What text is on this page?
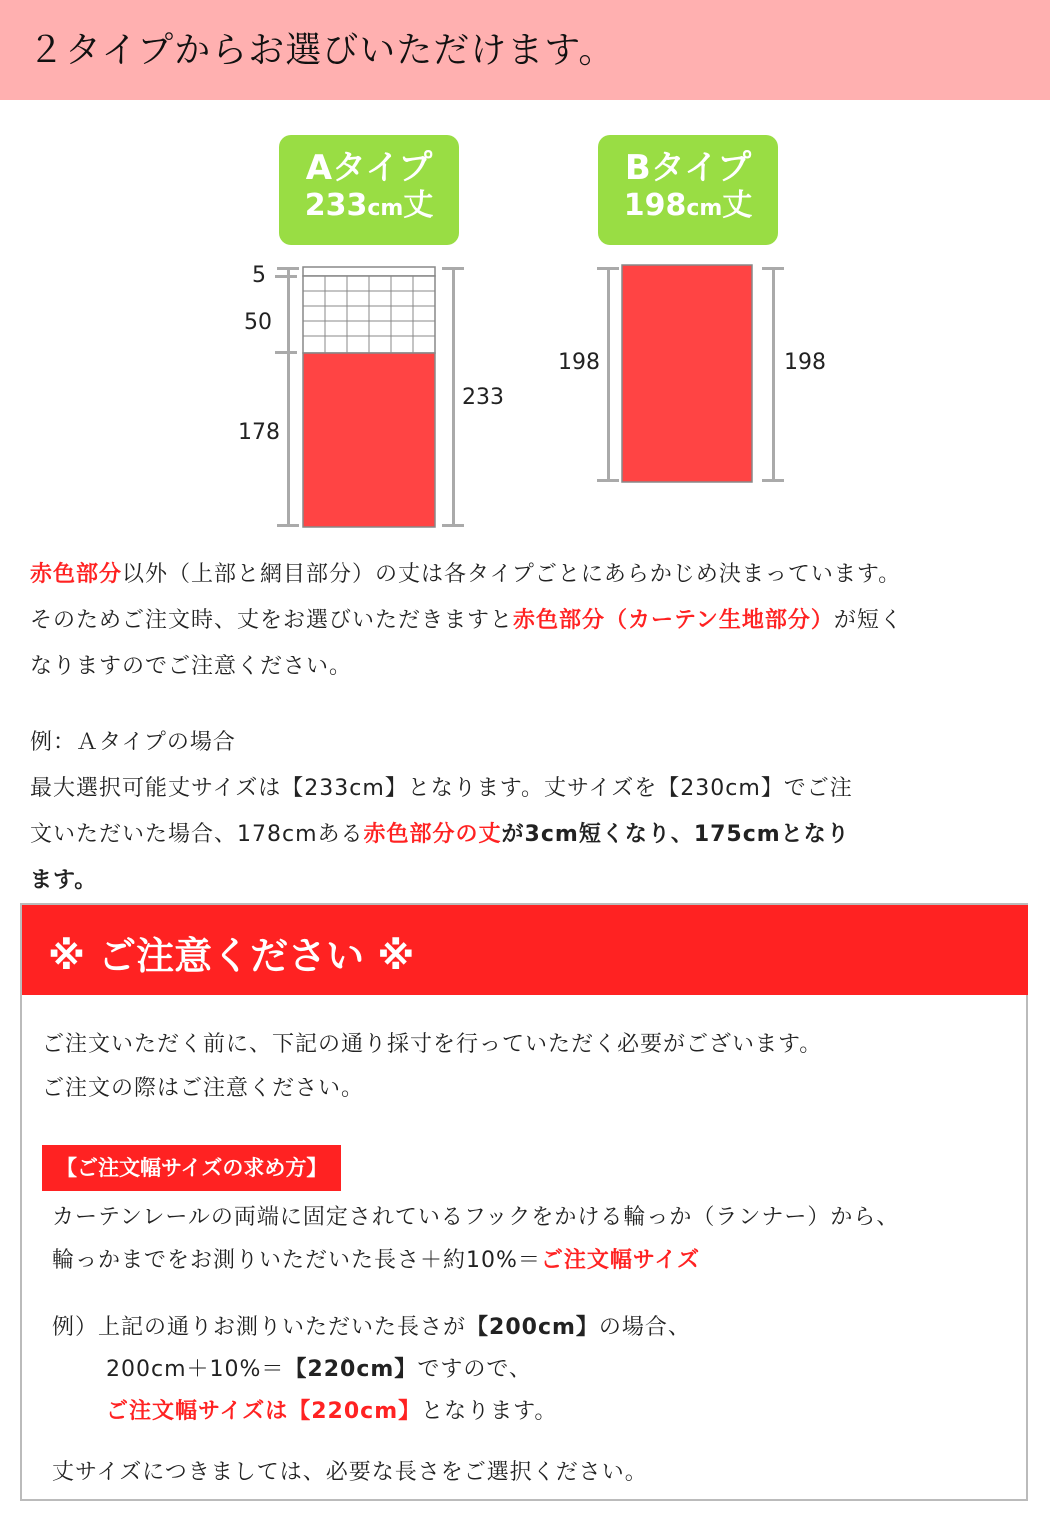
２タイプからお選びいただけます。
Aタイプ
233cm丈
Bタイプ
198cm丈
5
50
178
233
198	198
赤色部分以外（上部と網目部分）の丈は各タイプごとにあらかじめ決まっています。
そのためご注文時、丈をお選びいただきますと赤色部分（カーテン生地部分）が短く
なりますのでご注意ください。
例：Ａタイプの場合
最大選択可能丈サイズは【233cm】となります。丈サイズを【230cm】でご注
文いただいた場合、178cmある赤色部分の丈が3cm短くなり、175cmとなり
ます。
※ ご注意ください ※
ご注文いただく前に、下記の通り採寸を行っていただく必要がございます。
ご注文の際はご注意ください。
【ご注文幅サイズの求め方】
カーテンレールの両端に固定されているフックをかける輪っか（ランナー）から、
輪っかまでをお測りいただいた長さ＋約10%＝ご注文幅サイズ
例）上記の通りお測りいただいた長さが【200cm】の場合、
200cm＋10%＝【220cm】ですので、
ご注文幅サイズは【220cm】となります。
丈サイズにつきましては、必要な長さをご選択ください。
